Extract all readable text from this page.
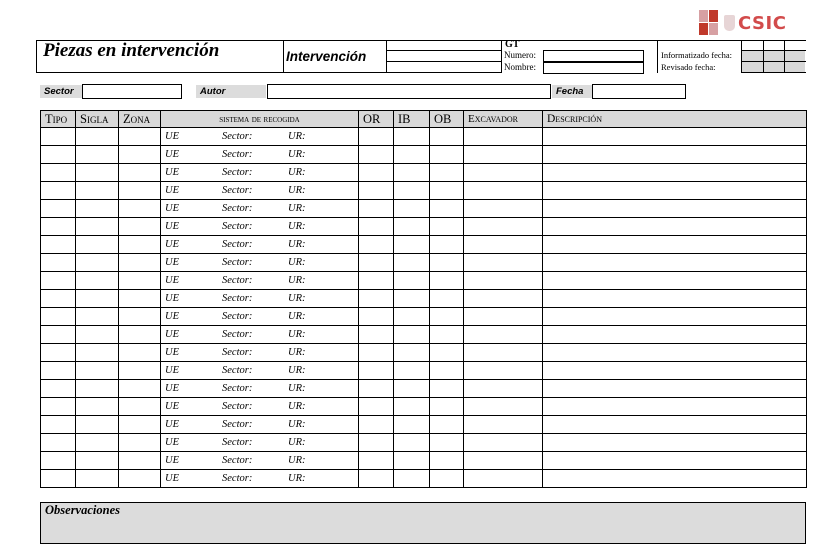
CSIC
Piezas en intervención	Intervención
GT
Numero:
Nombre:
Informatizado fecha:
Revisado fecha:
Sector	Autor	Fecha
Tipo	Sigla	Zona	sistema de recogida	OR	IB	OB	Excavador	Descripción
			UE Sector: UR:					
			UE Sector: UR:					
			UE Sector: UR:					
			UE Sector: UR:					
			UE Sector: UR:					
			UE Sector: UR:					
			UE Sector: UR:					
			UE Sector: UR:					
			UE Sector: UR:					
			UE Sector: UR:					
			UE Sector: UR:					
			UE Sector: UR:					
			UE Sector: UR:					
			UE Sector: UR:					
			UE Sector: UR:					
			UE Sector: UR:					
			UE Sector: UR:					
			UE Sector: UR:					
			UE Sector: UR:					
			UE Sector: UR:					
Observaciones
